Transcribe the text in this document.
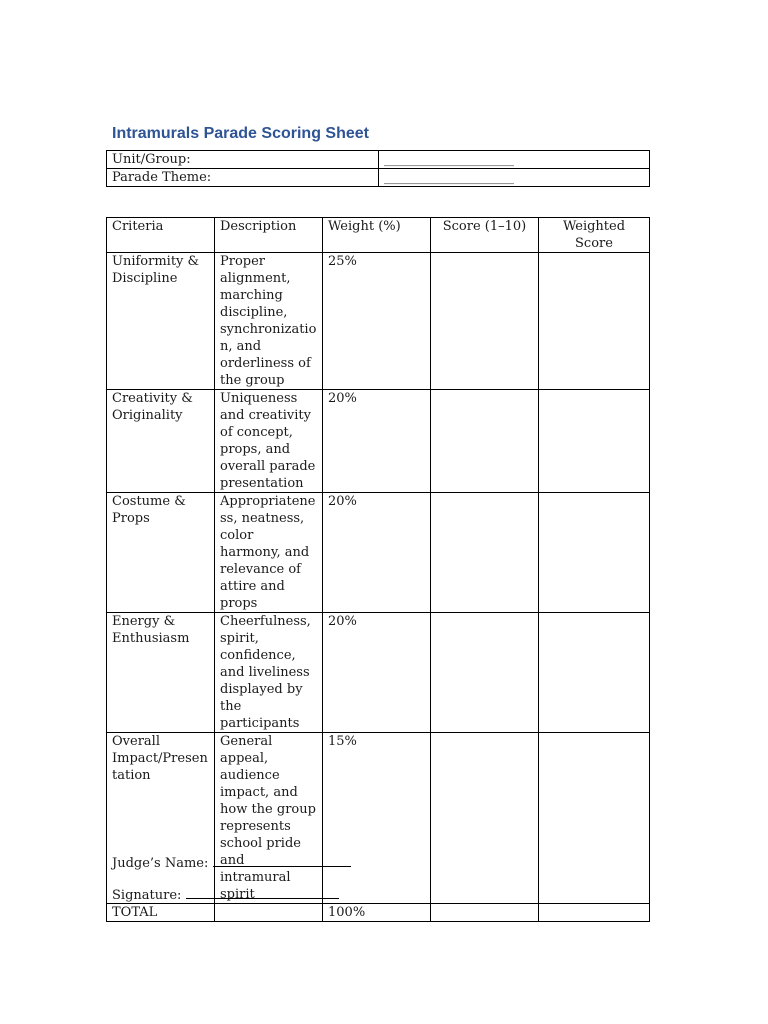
Intramurals Parade Scoring Sheet
Unit/Group:	____________________
Parade Theme:	____________________
Criteria	Description	Weight (%)	Score (1–10)	Weighted Score
Uniformity & Discipline	Proper alignment, marching discipline, synchronization, and orderliness of the group	25%		
Creativity & Originality	Uniqueness and creativity of concept, props, and overall parade presentation	20%		
Costume & Props	Appropriateness, neatness, color harmony, and relevance of attire and props	20%		
Energy & Enthusiasm	Cheerfulness, spirit, confidence, and liveliness displayed by the participants	20%		
Overall Impact/Presentation	General appeal, audience impact, and how the group represents school pride and intramural spirit	15%		
TOTAL		100%		
Judge’s Name:
Signature:
